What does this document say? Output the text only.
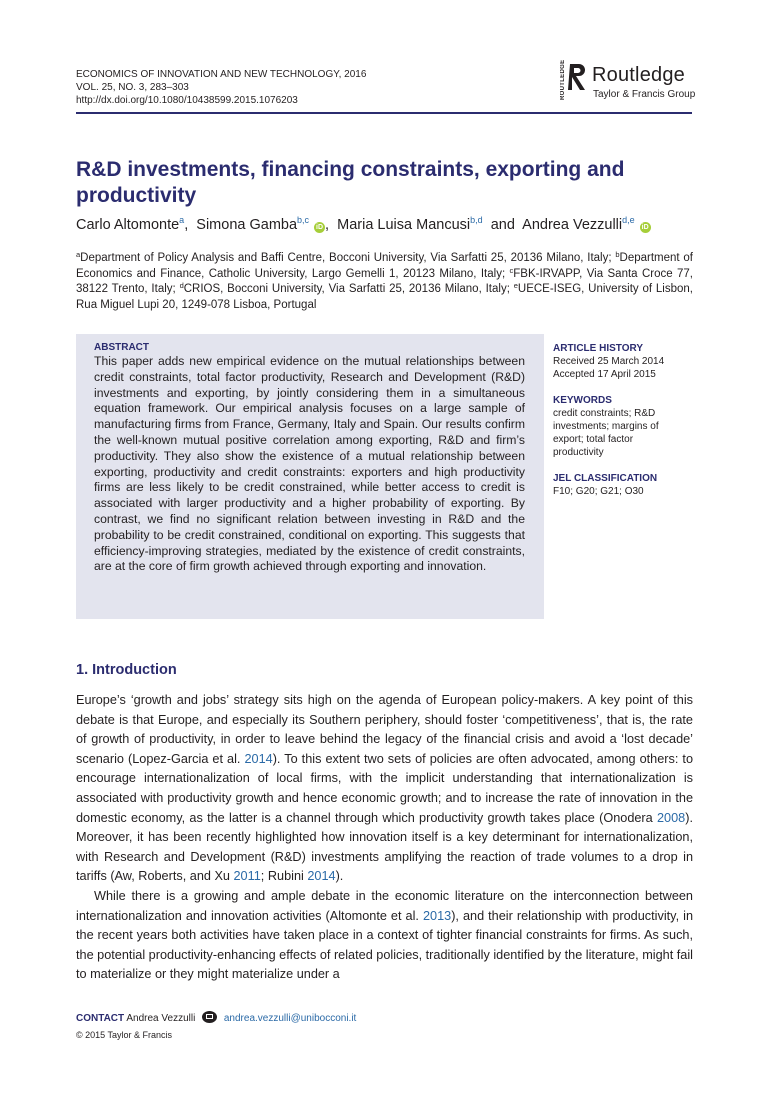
ECONOMICS OF INNOVATION AND NEW TECHNOLOGY, 2016
VOL. 25, NO. 3, 283–303
http://dx.doi.org/10.1080/10438599.2015.1076203
ROUTLEDGE Routledge
Taylor & Francis Group
R&D investments, financing constraints, exporting and productivity
Carlo Altomonte$^a$,  Simona Gamba$^{b,c}$iD ,  Maria Luisa Mancusi$^{b,d}$  and  Andrea Vezzulli$^{d,e}$iD
$^a$Department of Policy Analysis and Baffi Centre, Bocconi University, Via Sarfatti 25, 20136 Milano, Italy; $^b$Department of Economics and Finance, Catholic University, Largo Gemelli 1, 20123 Milano, Italy; $^c$FBK-IRVAPP, Via Santa Croce 77, 38122 Trento, Italy; $^d$CRIOS, Bocconi University, Via Sarfatti 25, 20136 Milano, Italy; $^e$UECE-ISEG, University of Lisbon, Rua Miguel Lupi 20, 1249-078 Lisboa, Portugal
ABSTRACT
This paper adds new empirical evidence on the mutual relationships between credit constraints, total factor productivity, Research and Development (R&D) investments and exporting, by jointly considering them in a simultaneous equation framework. Our empirical analysis focuses on a large sample of manufacturing firms from France, Germany, Italy and Spain. Our results confirm the well-known mutual positive correlation among exporting, R&D and firm’s productivity. They also show the existence of a mutual relationship between exporting, productivity and credit constraints: exporters and high productivity firms are less likely to be credit constrained, while better access to credit is associated with larger productivity and a higher probability of exporting. By contrast, we find no significant relation between investing in R&D and the probability to be credit constrained, conditional on exporting. This suggests that efficiency-improving strategies, mediated by the existence of credit constraints, are at the core of firm growth achieved through exporting and innovation.
ARTICLE HISTORY
Received 25 March 2014
Accepted 17 April 2015
KEYWORDS
credit constraints; R&D investments; margins of export; total factor productivity
JEL CLASSIFICATION
F10; G20; G21; O30
1. Introduction

Europe’s ‘growth and jobs’ strategy sits high on the agenda of European policy-makers. A key point of this debate is that Europe, and especially its Southern periphery, should foster ‘competitiveness’, that is, the rate of growth of productivity, in order to leave behind the legacy of the financial crisis and avoid a ‘lost decade’ scenario (Lopez-Garcia et al. 2014). To this extent two sets of policies are often advocated, among others: to encourage internationalization of local firms, with the implicit understanding that internationalization is associated with productivity growth and hence economic growth; and to increase the rate of innovation in the domestic economy, as the latter is a channel through which productivity growth takes place (Onodera 2008). Moreover, it has been recently highlighted how innovation itself is a key determinant for internationalization, with Research and Development (R&D) investments amplifying the reaction of trade volumes to a drop in tariffs (Aw, Roberts, and Xu 2011; Rubini 2014).

While there is a growing and ample debate in the economic literature on the interconnection between internationalization and innovation activities (Altomonte et al. 2013), and their relationship with productivity, in the recent years both activities have taken place in a context of tighter financial constraints for firms. As such, the potential productivity-enhancing effects of related policies, traditionally identified by the literature, might fail to materialize or they might materialize under a

CONTACT Andrea Vezzulli	andrea.vezzulli@unibocconi.it
© 2015 Taylor & Francis
